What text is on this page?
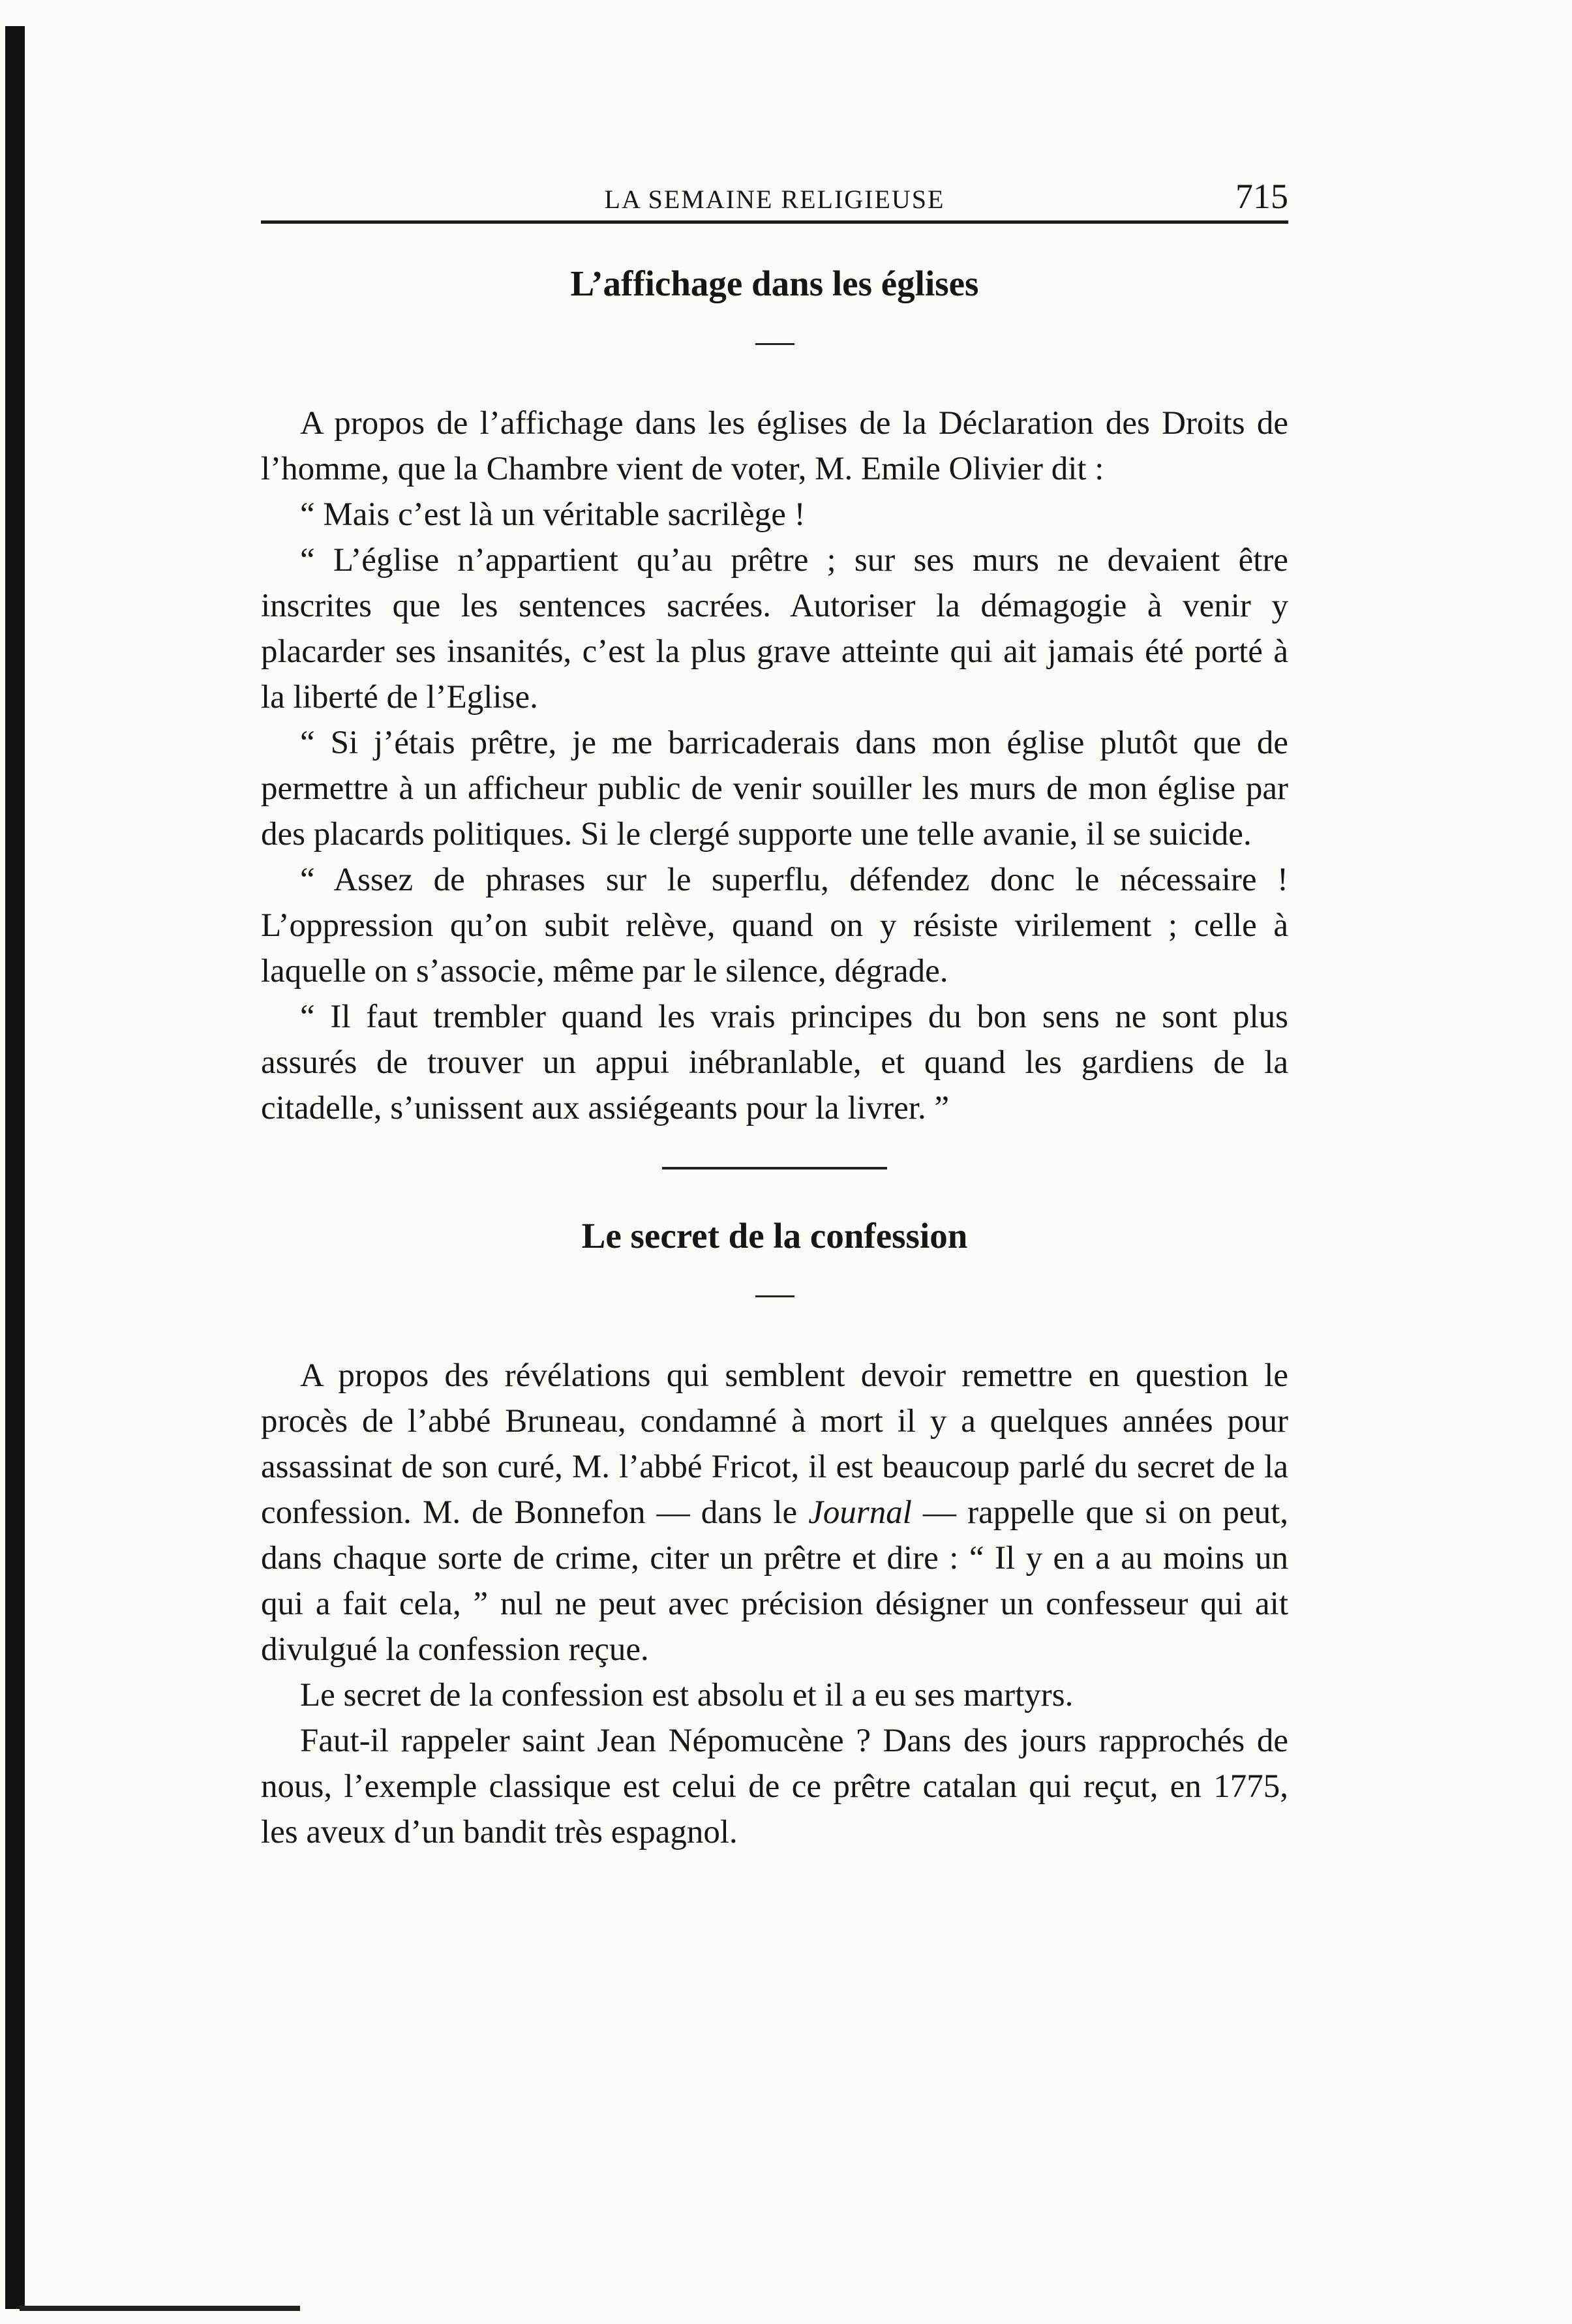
LA SEMAINE RELIGIEUSE	715
L’affichage dans les églises

A propos de l’affichage dans les églises de la Déclaration des Droits de l’homme, que la Chambre vient de voter, M. Emile Olivier dit :

“ Mais c’est là un véritable sacrilège !

“ L’église n’appartient qu’au prêtre ; sur ses murs ne devaient être inscrites que les sentences sacrées. Autoriser la démagogie à venir y placarder ses insanités, c’est la plus grave atteinte qui ait jamais été porté à la liberté de l’Eglise.

“ Si j’étais prêtre, je me barricaderais dans mon église plutôt que de permettre à un afficheur public de venir souiller les murs de mon église par des placards politiques. Si le clergé supporte une telle avanie, il se suicide.

“ Assez de phrases sur le superflu, défendez donc le nécessaire ! L’oppression qu’on subit relève, quand on y résiste virilement ; celle à laquelle on s’associe, même par le silence, dégrade.

“ Il faut trembler quand les vrais principes du bon sens ne sont plus assurés de trouver un appui inébranlable, et quand les gardiens de la citadelle, s’unissent aux assiégeants pour la livrer. ”

Le secret de la confession

A propos des révélations qui semblent devoir remettre en question le procès de l’abbé Bruneau, condamné à mort il y a quelques années pour assassinat de son curé, M. l’abbé Fricot, il est beaucoup parlé du secret de la confession. M. de Bonnefon — dans le Journal — rappelle que si on peut, dans chaque sorte de crime, citer un prêtre et dire : “ Il y en a au moins un qui a fait cela, ” nul ne peut avec précision désigner un confesseur qui ait divulgué la confession reçue.

Le secret de la confession est absolu et il a eu ses martyrs.

Faut-il rappeler saint Jean Népomucène ? Dans des jours rapprochés de nous, l’exemple classique est celui de ce prêtre catalan qui reçut, en 1775, les aveux d’un bandit très espagnol.
